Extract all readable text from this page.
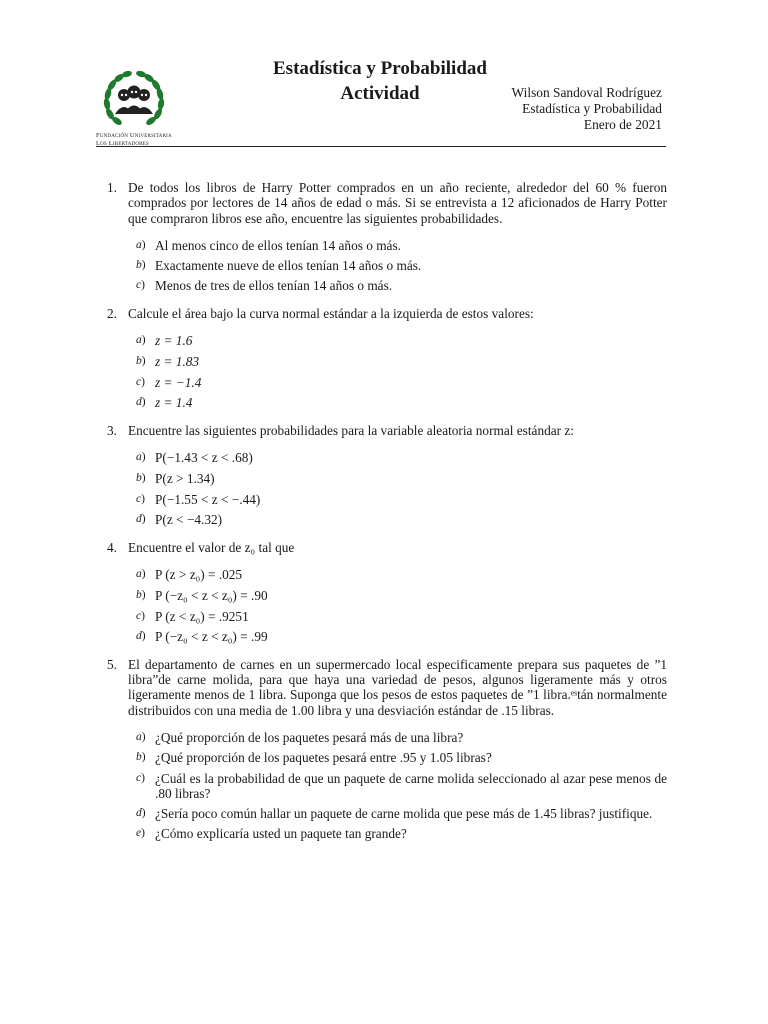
Fundación Universitaria
Los Libertadores
Estadística y Probabilidad
Actividad	Wilson Sandoval Rodríguez
Estadística y Probabilidad
Enero de 2021
1. De todos los libros de Harry Potter comprados en un año reciente, alrededor del 60 % fueron comprados por lectores de 14 años de edad o más. Si se entrevista a 12 aficionados de Harry Potter que compraron libros ese año, encuentre las siguientes probabilidades.
a) Al menos cinco de ellos tenían 14 años o más.
b) Exactamente nueve de ellos tenían 14 años o más.
c) Menos de tres de ellos tenían 14 años o más.
2. Calcule el área bajo la curva normal estándar a la izquierda de estos valores:
a) z = 1.6
b) z = 1.83
c) z = −1.4
d) z = 1.4
3. Encuentre las siguientes probabilidades para la variable aleatoria normal estándar z:
a) P(−1.43 < z < .68)
b) P(z > 1.34)
c) P(−1.55 < z < −.44)
d) P(z < −4.32)
4. Encuentre el valor de z₀ tal que
a) P (z > z₀) = .025
b) P (−z₀ < z < z₀) = .90
c) P (z < z₀) = .9251
d) P (−z₀ < z < z₀) = .99
5. El departamento de carnes en un supermercado local especificamente prepara sus paquetes de ”1 libra”de carne molida, para que haya una variedad de pesos, algunos ligeramente más y otros ligeramente menos de 1 libra. Suponga que los pesos de estos paquetes de ”1 libra.ᵉˢtán normalmente distribuidos con una media de 1.00 libra y una desviación estándar de .15 libras.
a) ¿Qué proporción de los paquetes pesará más de una libra?
b) ¿Qué proporción de los paquetes pesará entre .95 y 1.05 libras?
c) ¿Cuál es la probabilidad de que un paquete de carne molida seleccionado al azar pese menos de .80 libras?
d) ¿Sería poco común hallar un paquete de carne molida que pese más de 1.45 libras? justifique.
e) ¿Cómo explicaría usted un paquete tan grande?
